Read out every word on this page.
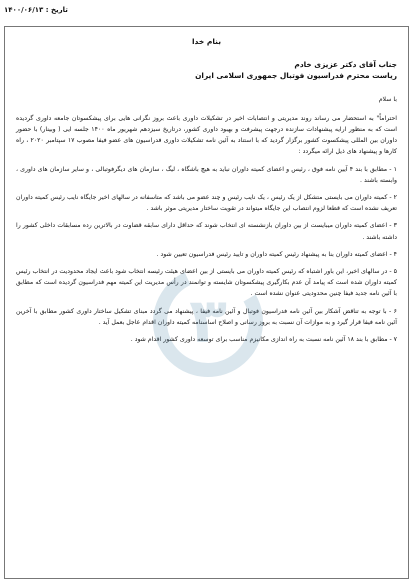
تاریخ : ۱۴۰۰/۰۶/۱۳
بنام خدا
جناب آقای دکتر عزیزی خادم
ریاست محترم فدراسیون فوتبال جمهوری اسلامی ایران
با سلام

احتراماً" به استحضار می رساند روند مدیریتی و انتصابات اخیر در تشکیلات داوری باعث بروز نگرانی هایی برای پیشکسوتان جامعه داوری گردیده است که به منظور ارایه پیشنهادات سازنده درجهت پیشرفت و بهبود داوری کشور، درتاریخ سیزدهم شهریور ماه ۱۴۰۰ جلسه ایی ( وبینار) با حضور داوران بین المللی پیشکسوت کشور برگزار گردید که با استناد به آئین نامه تشکیلات داوری فدراسیون های عضو فیفا مصوب ۱۷ سپتامبر ۲۰۲۰ ، راه کارها و پیشنهاد های ذیل ارائه میگردد :

۱ - مطابق با بند ۴ آیین نامه فوق ، رئیس و اعضای کمیته داوران نباید به هیچ باشگاه ، لیگ ، سازمان های دیگرفوتبالی ، و سایر سازمان های داوری ، وابسته باشند .

۲ - کمیته داوران می بایستی متشکل از یک رئیس ، یک نایب رئیس و چند عضو می باشد که متاسفانه در سالهای اخیر جایگاه نایب رئیس کمیته داوران تعریف نشده است که قطعا لزوم انتصاب این جایگاه میتواند در تقویت ساختار مدیریتی موثر باشد .

۳ - اعضای کمیته داوران میبایست از بین داوران بازنشسته ای انتخاب شوند که حداقل دارای سابقه قضاوت در بالاترین رده مسابقات داخلی کشور را داشته باشند .

۴ - اعضای کمیته داوران بنا به پیشنهاد رئیس کمیته داوران و تایید رئیس فدراسیون تعیین شود .

۵ - در سالهای اخیر، این باور اشتباه که رئیس کمیته داوران می بایستی از بین اعضای هیئت رئیسه انتخاب شود باعث ایجاد محدودیت در انتخاب رئیس کمیته داوران شده است که پیامد آن عدم بکارگیری پیشکسوتان شایسته و توانمند در رأس مدیریت این کمیته مهم فدراسیون گردیده است که مطابق با آئین نامه جدید فیفا چنین محدودیتی عنوان نشده است .

۶ - با توجه به تناقض آشکار بین آئین نامه فدراسیون فوتبال و آئین نامه فیفا ، پیشنهاد می گردد مبنای تشکیل ساختار داوری کشور مطابق با آخرین آئین نامه فیفا قرار گیرد و به موازات آن نسبت به بروز رسانی و اصلاح اساسنامه کمیته داوران اقدام عاجل بعمل آید .

۷ - مطابق با بند ۱۸ آئین نامه نسبت به راه اندازی مکانیزم مناسب برای توسعه داوری کشور اقدام شود .

۳
